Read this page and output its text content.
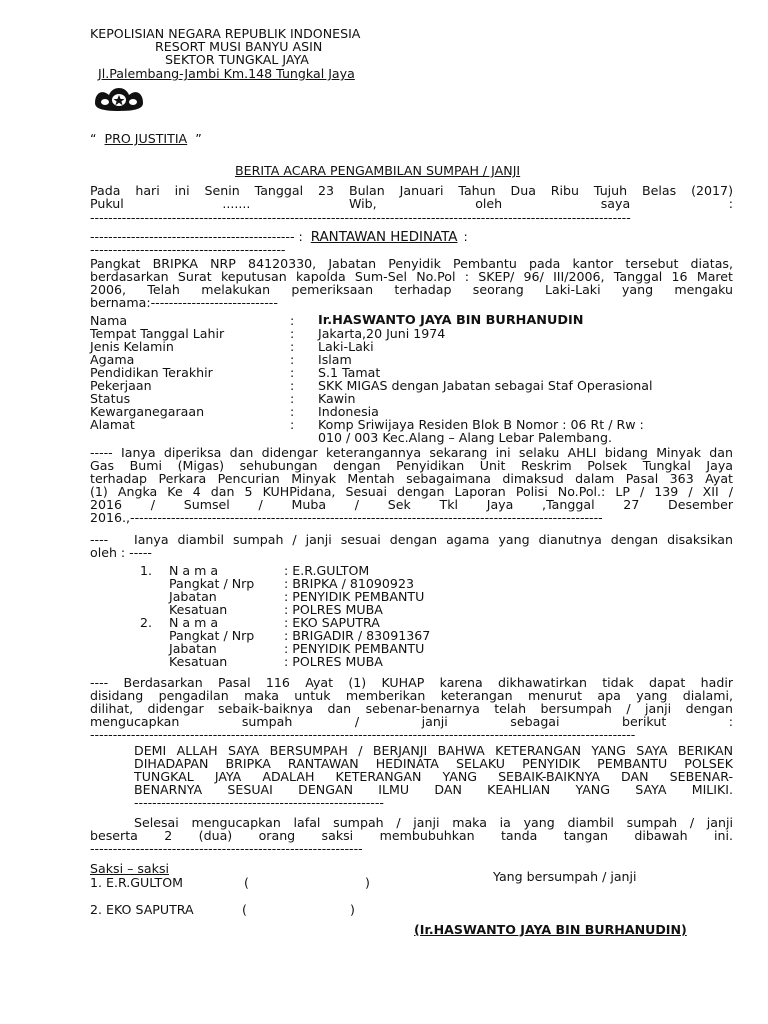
KEPOLISIAN NEGARA REPUBLIK INDONESIA
RESORT MUSI BANYU ASIN
SEKTOR TUNGKAL JAYA
Jl.Palembang-Jambi Km.148 Tungkal Jaya
“ PRO JUSTITIA ”
BERITA ACARA PENGAMBILAN SUMPAH / JANJI
Pada hari ini Senin Tanggal 23 Bulan Januari Tahun Dua Ribu Tujuh Belas (2017)
Pukul ....... Wib, oleh saya :
-----------------------------------------------------------------------------------------------------------------------
--------------------------------------------- : RANTAWAN HEDINATA :
-------------------------------------------
Pangkat BRIPKA NRP 84120330, Jabatan Penyidik Pembantu pada kantor tersebut diatas,
berdasarkan Surat keputusan kapolda Sum-Sel No.Pol : SKEP/ 96/ III/2006, Tanggal 16 Maret
2006, Telah melakukan pemeriksaan terhadap seorang Laki-Laki yang mengaku
bernama:----------------------------
Nama	: Ir.HASWANTO JAYA BIN BURHANUDIN
Tempat Tanggal Lahir	: Jakarta,20 Juni 1974
Jenis Kelamin	: Laki-Laki
Agama	: Islam
Pendidikan Terakhir	: S.1 Tamat
Pekerjaan	: SKK MIGAS dengan Jabatan sebagai Staf Operasional
Status	: Kawin
Kewarganegaraan	: Indonesia
Alamat	: Komp Sriwijaya Residen Blok B Nomor : 06 Rt / Rw :
010 / 003 Kec.Alang – Alang Lebar Palembang.
----- Ianya diperiksa dan didengar keterangannya sekarang ini selaku AHLI bidang Minyak dan
Gas Bumi (Migas) sehubungan dengan Penyidikan Unit Reskrim Polsek Tungkal Jaya
terhadap Perkara Pencurian Minyak Mentah sebagaimana dimaksud dalam Pasal 363 Ayat
(1) Angka Ke 4 dan 5 KUHPidana, Sesuai dengan Laporan Polisi No.Pol.: LP / 139 / XII /
2016 / Sumsel / Muba / Sek Tkl Jaya ,Tanggal 27 Desember
2016.,--------------------------------------------------------------------------------------------------------
---- Ianya diambil sumpah / janji sesuai dengan agama yang dianutnya dengan disaksikan
oleh : -----
1. N a m a	: E.R.GULTOM
Pangkat / Nrp : BRIPKA / 81090923
Jabatan	: PENYIDIK PEMBANTU
Kesatuan	: POLRES MUBA
2. N a m a	: EKO SAPUTRA
Pangkat / Nrp : BRIGADIR / 83091367
Jabatan	: PENYIDIK PEMBANTU
Kesatuan	: POLRES MUBA
---- Berdasarkan Pasal 116 Ayat (1) KUHAP karena dikhawatirkan tidak dapat hadir
disidang pengadilan maka untuk memberikan keterangan menurut apa yang dialami,
dilihat, didengar sebaik-baiknya dan sebenar-benarnya telah bersumpah / janji dengan
mengucapkan sumpah / janji sebagai berikut :
------------------------------------------------------------------------------------------------------------------------
DEMI ALLAH SAYA BERSUMPAH / BERJANJI BAHWA KETERANGAN YANG SAYA BERIKAN
DIHADAPAN BRIPKA RANTAWAN HEDINATA SELAKU PENYIDIK PEMBANTU POLSEK
TUNGKAL JAYA ADALAH KETERANGAN YANG SEBAIK-BAIKNYA DAN SEBENAR-
BENARNYA SESUAI DENGAN ILMU DAN KEAHLIAN YANG SAYA MILIKI.
-------------------------------------------------------
Selesai mengucapkan lafal sumpah / janji maka ia yang diambil sumpah / janji
beserta 2 (dua) orang saksi membubuhkan tanda tangan dibawah ini.
------------------------------------------------------------
Saksi – saksi
1. E.R.GULTOM	(	)	Yang bersumpah / janji
2. EKO SAPUTRA	(	)
(Ir.HASWANTO JAYA BIN BURHANUDIN)
